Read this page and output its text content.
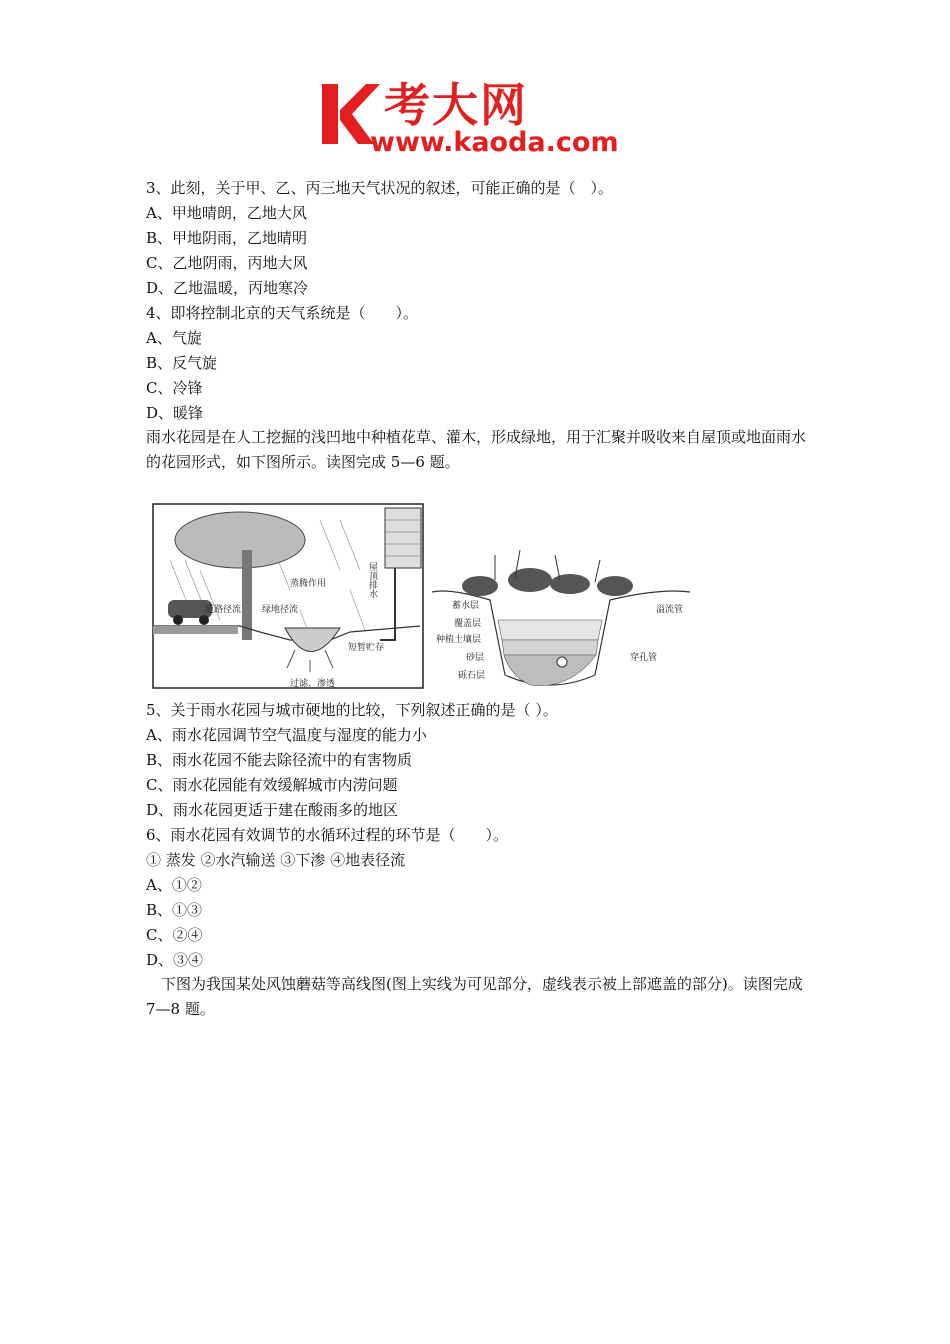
考大网
www.kaoda.com
3、此刻，关于甲、乙、丙三地天气状况的叙述，可能正确的是（　）。
A、甲地晴朗，乙地大风
B、甲地阴雨，乙地晴明
C、乙地阴雨，丙地大风
D、乙地温暖，丙地寒冷
4、即将控制北京的天气系统是（　　）。
A、气旋
B、反气旋
C、冷锋
D、暖锋
雨水花园是在人工挖掘的浅凹地中种植花草、灌木，形成绿地，用于汇聚并吸收来自屋顶或地面雨水的花园形式，如下图所示。读图完成 5—6 题。
蒸腾作用
道路径流 绿地径流
短暂贮存
过滤、渗透
屋顶排水
蓄水层
覆盖层
种植土壤层
砂层
砾石层
溢流管
穿孔管
5、关于雨水花园与城市硬地的比较，下列叙述正确的是（ ）。
A、雨水花园调节空气温度与湿度的能力小
B、雨水花园不能去除径流中的有害物质
C、雨水花园能有效缓解城市内涝问题
D、雨水花园更适于建在酸雨多的地区
6、雨水花园有效调节的水循环过程的环节是（　　）。
① 蒸发 ②水汽输送 ③下渗 ④地表径流
A、①②
B、①③
C、②④
D、③④
下图为我国某处风蚀蘑菇等高线图(图上实线为可见部分，虚线表示被上部遮盖的部分)。读图完成 7—8 题。
